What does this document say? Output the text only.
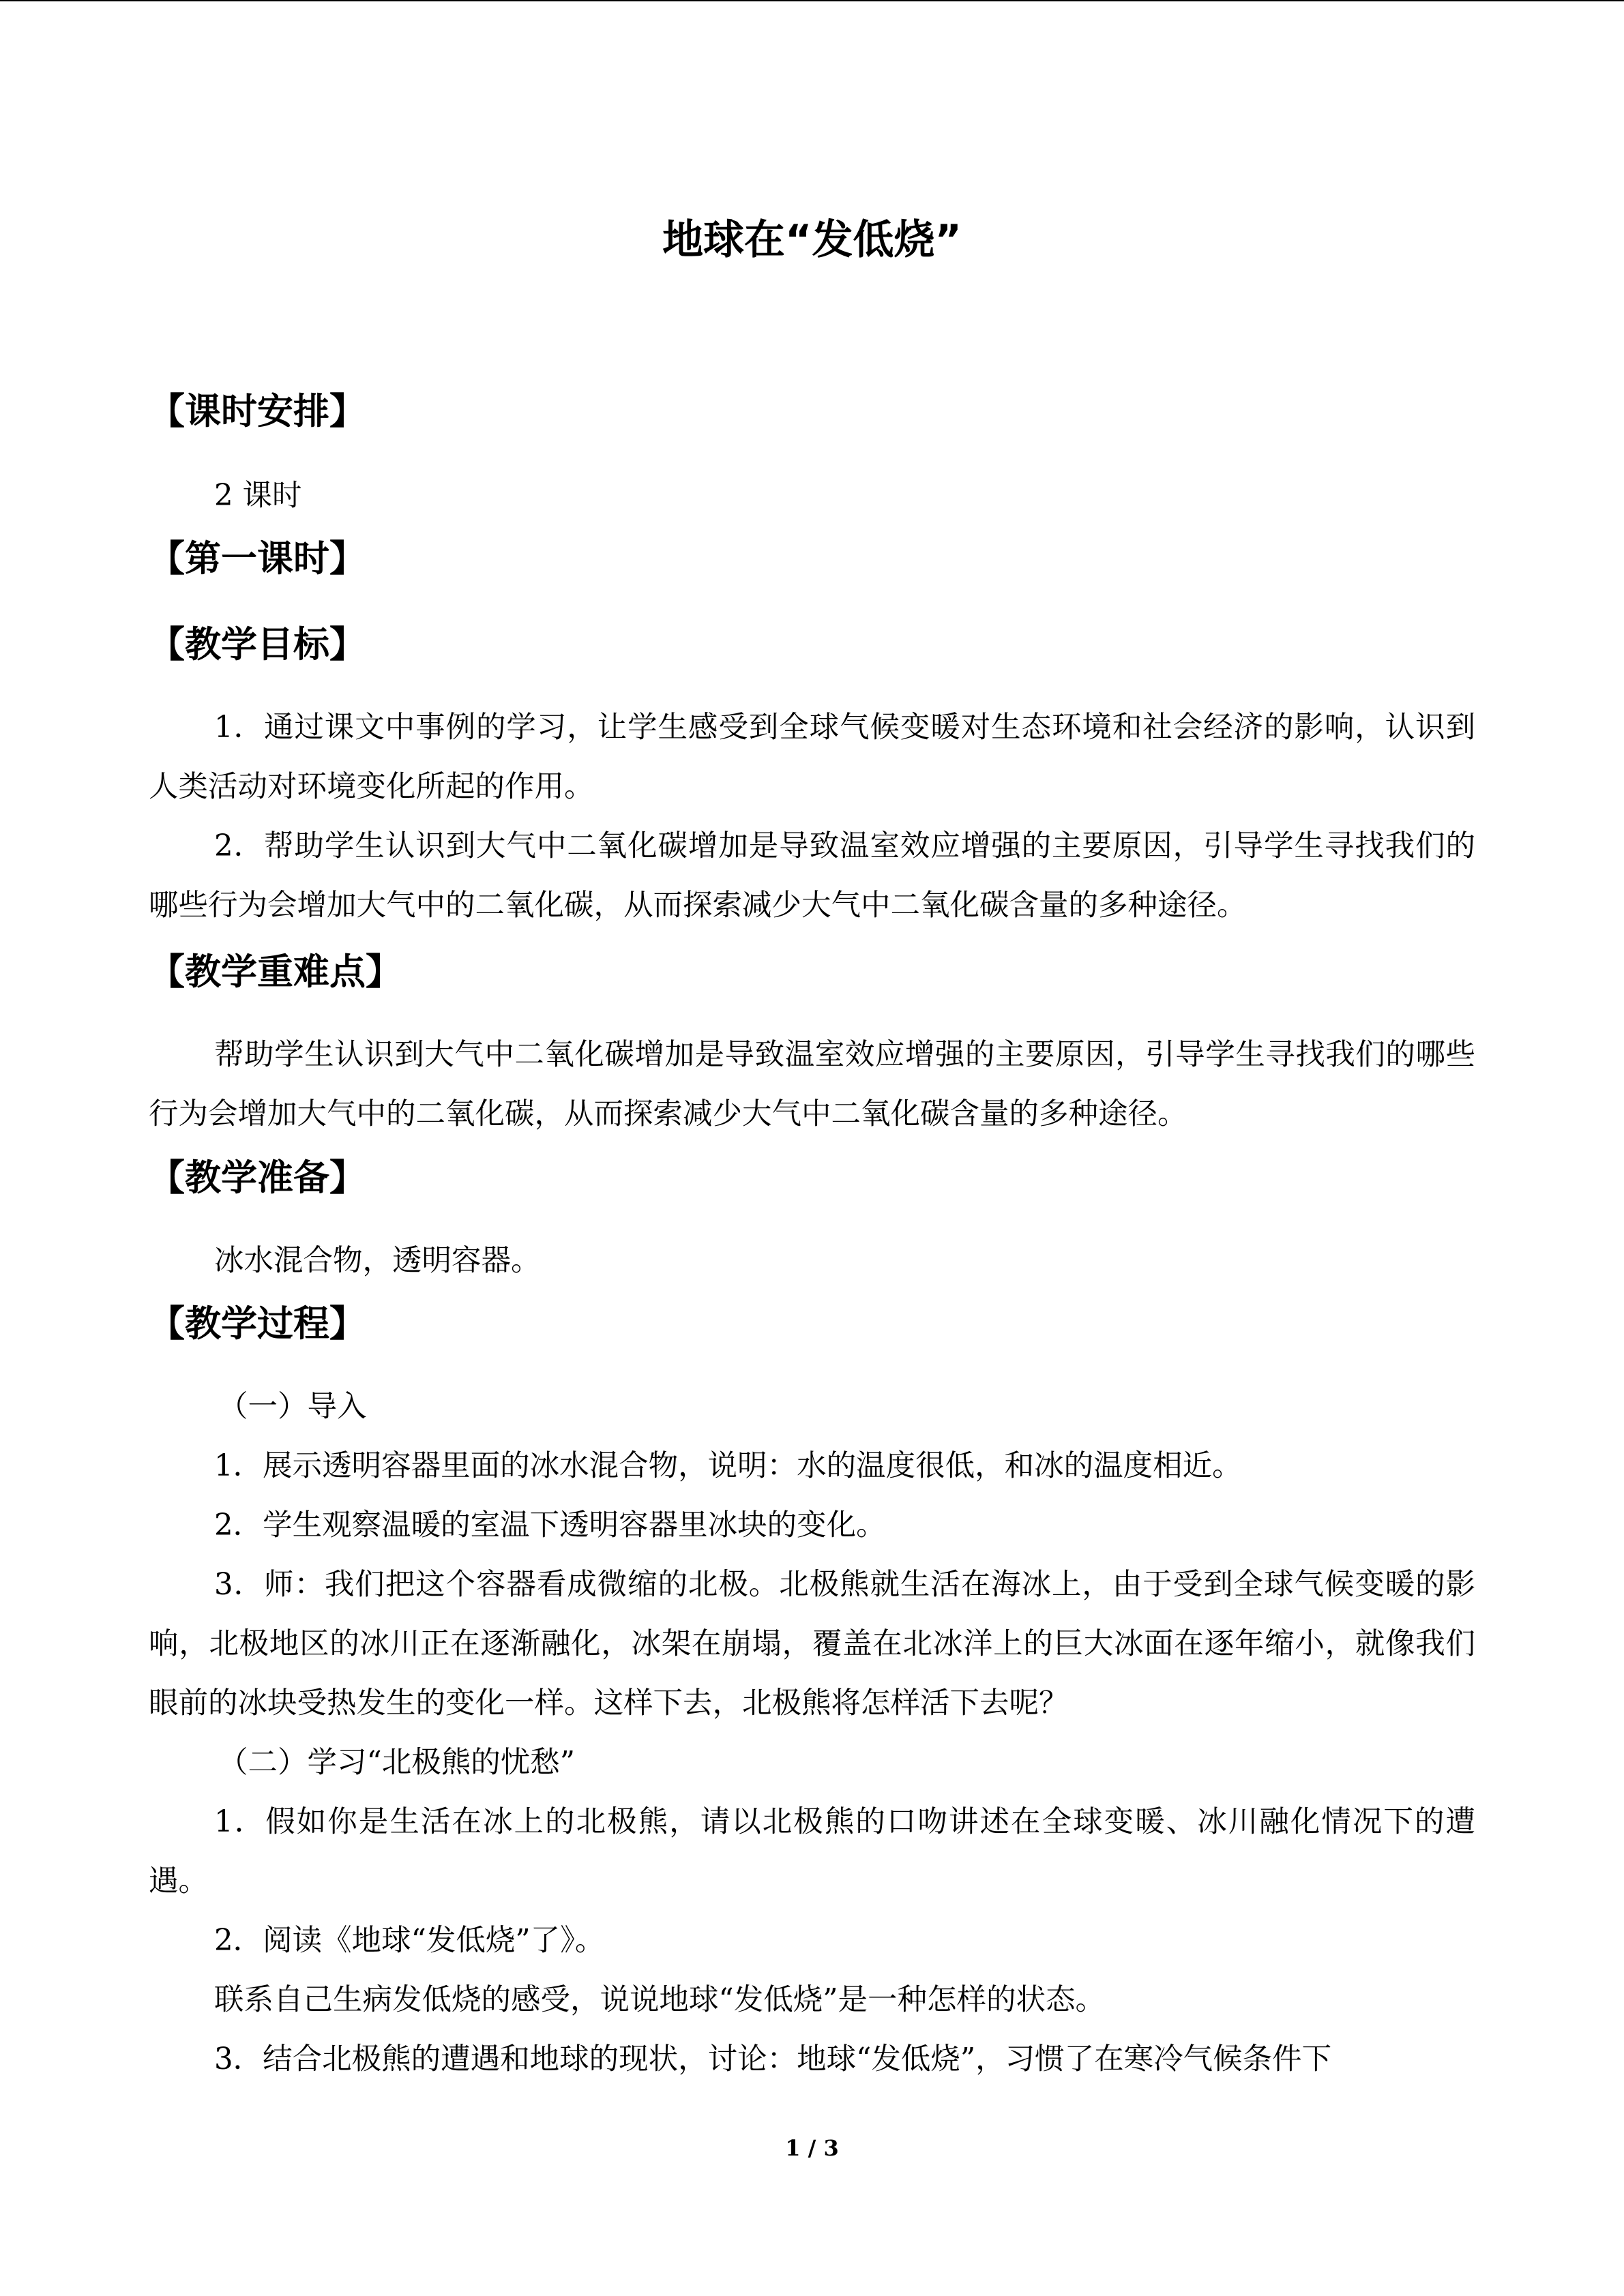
地球在“发低烧”
【课时安排】
2 课时
【第一课时】
【教学目标】
1．通过课文中事例的学习，让学生感受到全球气候变暖对生态环境和社会经济的影响，认识到人类活动对环境变化所起的作用。
2．帮助学生认识到大气中二氧化碳增加是导致温室效应增强的主要原因，引导学生寻找我们的哪些行为会增加大气中的二氧化碳，从而探索减少大气中二氧化碳含量的多种途径。
【教学重难点】
帮助学生认识到大气中二氧化碳增加是导致温室效应增强的主要原因，引导学生寻找我们的哪些行为会增加大气中的二氧化碳，从而探索减少大气中二氧化碳含量的多种途径。
【教学准备】
冰水混合物，透明容器。
【教学过程】
（一）导入
1．展示透明容器里面的冰水混合物，说明：水的温度很低，和冰的温度相近。
2．学生观察温暖的室温下透明容器里冰块的变化。
3．师：我们把这个容器看成微缩的北极。北极熊就生活在海冰上，由于受到全球气候变暖的影响，北极地区的冰川正在逐渐融化，冰架在崩塌，覆盖在北冰洋上的巨大冰面在逐年缩小，就像我们眼前的冰块受热发生的变化一样。这样下去，北极熊将怎样活下去呢？
（二）学习“北极熊的忧愁”
1．假如你是生活在冰上的北极熊，请以北极熊的口吻讲述在全球变暖、冰川融化情况下的遭遇。
2．阅读《地球“发低烧”了》。
联系自己生病发低烧的感受，说说地球“发低烧”是一种怎样的状态。
3．结合北极熊的遭遇和地球的现状，讨论：地球“发低烧”，习惯了在寒冷气候条件下
1 / 3
